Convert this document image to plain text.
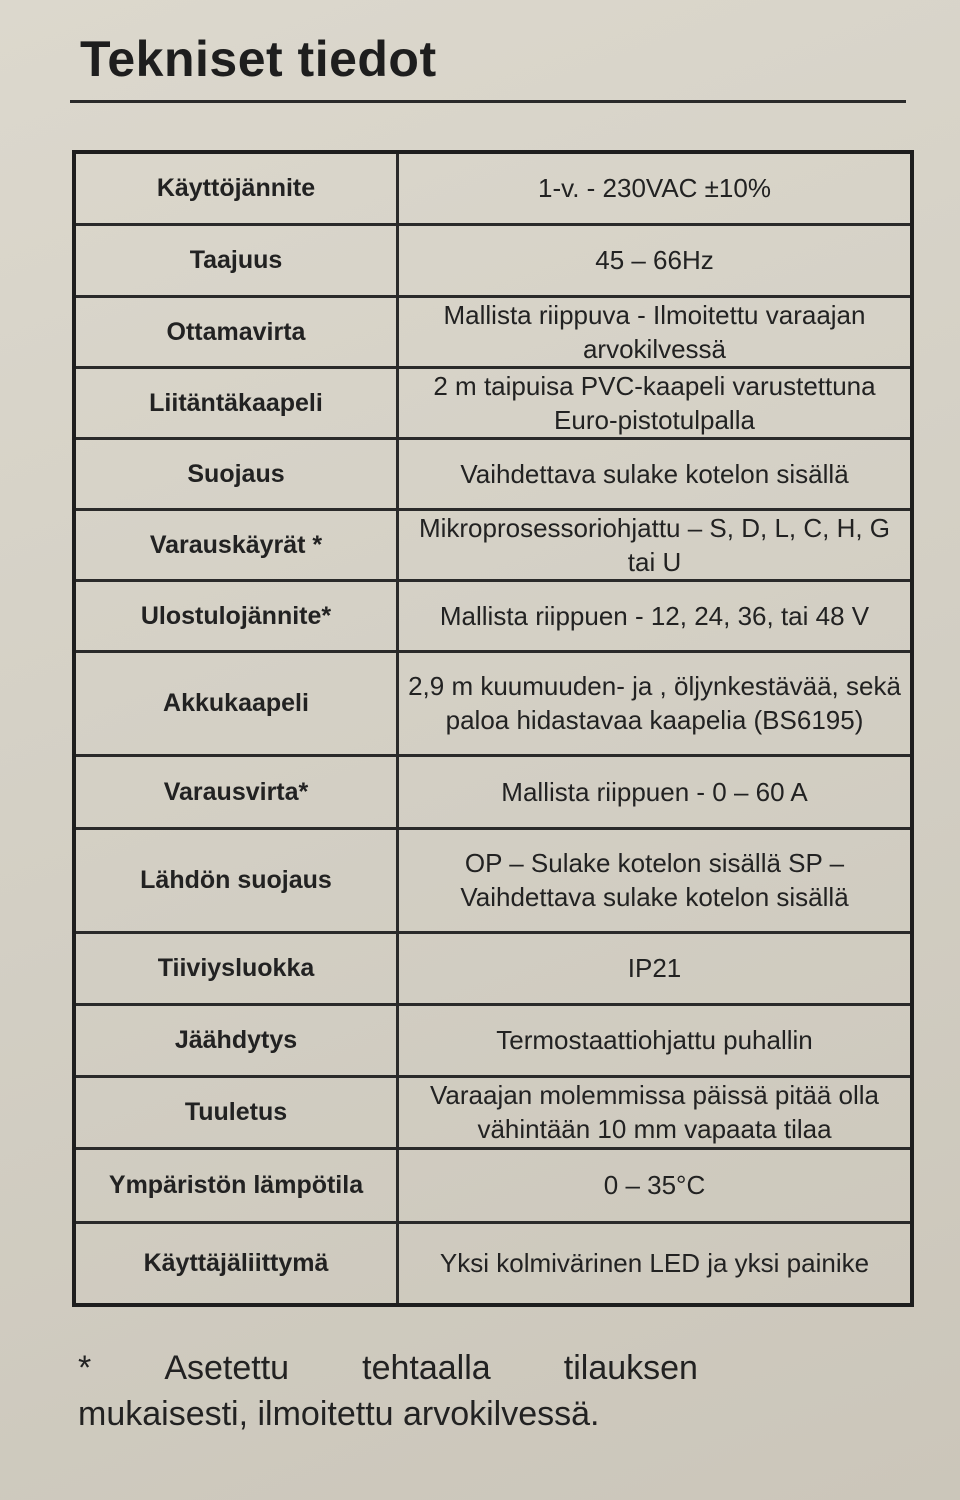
Tekniset tiedot
Käyttöjännite	1-v. - 230VAC ±10%
Taajuus	45 – 66Hz
Ottamavirta	Mallista riippuva - Ilmoitettu varaajan arvokilvessä
Liitäntäkaapeli	2 m taipuisa PVC-kaapeli varustettuna Euro-pistotulpalla
Suojaus	Vaihdettava sulake kotelon sisällä
Varauskäyrät *	Mikroprosessoriohjattu – S, D, L, C, H, G tai U
Ulostulojännite*	Mallista riippuen - 12, 24, 36, tai 48 V
Akkukaapeli	2,9 m kuumuuden- ja , öljynkestävää, sekä paloa hidastavaa kaapelia (BS6195)
Varausvirta*	Mallista riippuen - 0 – 60 A
Lähdön suojaus	OP – Sulake kotelon sisällä SP – Vaihdettava sulake kotelon sisällä
Tiiviysluokka	IP21
Jäähdytys	Termostaattiohjattu puhallin
Tuuletus	Varaajan molemmissa päissä pitää olla vähintään 10 mm vapaata tilaa
Ympäristön lämpötila	0 – 35°C
Käyttäjäliittymä	Yksi kolmivärinen LED ja yksi painike
* Asetettu tehtaalla tilauksen
mukaisesti, ilmoitettu arvokilvessä.
